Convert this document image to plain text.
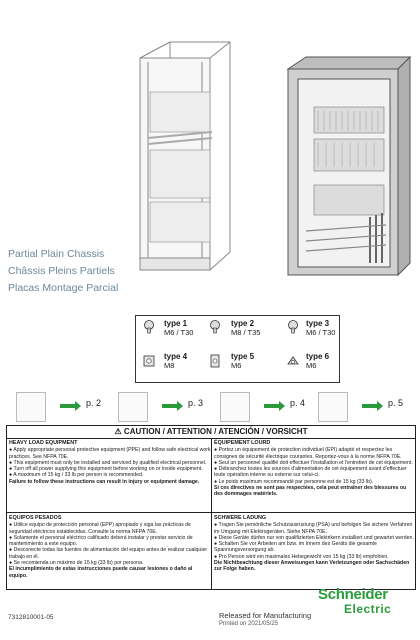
Partial Plain Chassis
Châssis Pleins Partiels
Placas Montage Parcial
type 1
M6 / T30
type 2
M8 / T35
type 3
M6 / T30
type 4
M8
type 5
M6
type 6
M6
p. 2	p. 3	p. 4	p. 5
⚠ CAUTION / ATTENTION / ATENCIÓN / VORSICHT
HEAVY LOAD EQUIPMENT
● Apply appropriate personal protective equipment (PPE) and follow safe electrical work practices. See NFPA 70E.
● This equipment must only be installed and serviced by qualified electrical personnel.
● Turn off all power supplying this equipment before working on or inside equipment.
● A maximum of 15 kg / 33 lb per person is recommended.
Failure to follow these instructions can result in injury or equipment damage.
ÉQUIPEMENT LOURD
● Portez un équipement de protection individuel (EPI) adapté et respectez les consignes de sécurité électrique courantes. Reportez-vous à la norme NFPA 70E.
● Seul un personnel qualifié doit effectuer l'installation et l'entretien de cet équipement.
● Débranchez toutes les sources d'alimentation de cet équipement avant d'effectuer toute opération interne ou externe sur celui-ci.
● Le poids maximum recommandé par personne est de 15 kg (33 lb).
Si ces directives ne sont pas respectées, cela peut entraîner des blessures ou des dommages matériels.
EQUIPOS PESADOS
● Utilice equipo de protección personal (EPP) apropiado y siga las prácticas de seguridad eléctricos establecidas. Consulte la norma NFPA 70E.
● Solamente el personal eléctrico calificado deberá instalar y prestar servicio de mantenimiento a este equipo.
● Desconecte todas las fuentes de alimentación del equipo antes de realizar cualquier trabajo en él.
● Se recomienda un máximo de 15 kg (33 lb) por persona.
El incumplimiento de estas instrucciones puede causar lesiones o daño al equipo.
SCHWERE LADUNG
● Tragen Sie persönliche Schutzausrüstung (PSA) und befolgen Sie sichere Verfahren im Umgang mit Elektrogeräten. Siehe NFPA 70E.
● Diese Geräte dürfen nur von qualifizierten Elektrikern installiert und gewartet werden.
● Schalten Sie vor Arbeiten am bzw. im Innern des Geräts die gesamte Spannungsversorgung ab.
● Pro Person wird ein maximales Hebegewicht von 15 kg (33 lb) empfohlen.
Die Nichtbeachtung dieser Anweisungen kann Verletzungen oder Sachschäden zur Folge haben.
7312810001-05	Released for Manufacturing
Printed on 2021/05/25
Schneider
Electric
